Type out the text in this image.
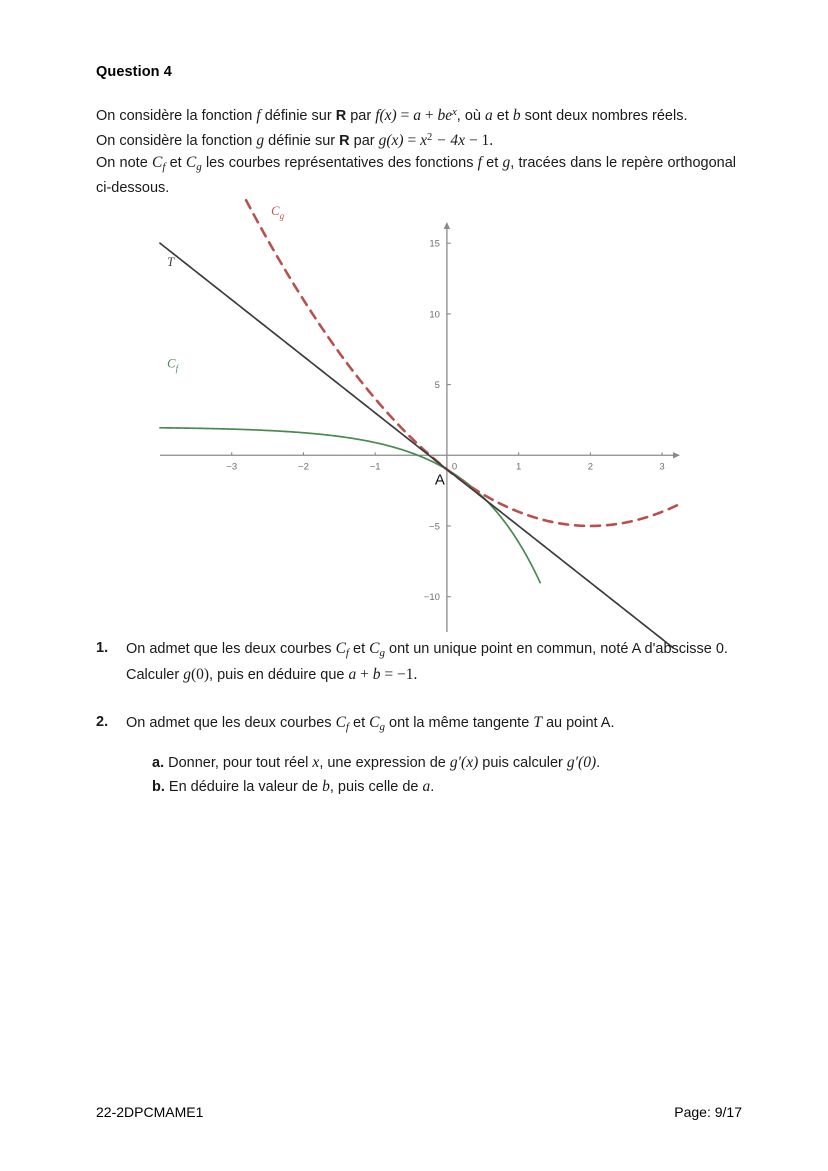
Question 4
On considère la fonction f définie sur R par $f(x) = a + be^x$, où a et b sont deux nombres réels.
On considère la fonction g définie sur R par $g(x) = x^2 - 4x - 1$.
On note $C_f$ et $C_g$ les courbes représentatives des fonctions f et g, tracées dans le repère orthogonal ci-dessous.
−3	−2	−1	0	1	2	3
−10
−5
5
10
15
C f
C g
T
A
1. On admet que les deux courbes $C_f$ et $C_g$ ont un unique point en commun, noté A d'abscisse 0.
Calculer g(0), puis en déduire que a + b = −1.
2. On admet que les deux courbes $C_f$ et $C_g$ ont la même tangente T au point A.
a. Donner, pour tout réel x, une expression de g′(x) puis calculer g′(0).
b. En déduire la valeur de b, puis celle de a.
22-2DPCMAME1	Page: 9/17
